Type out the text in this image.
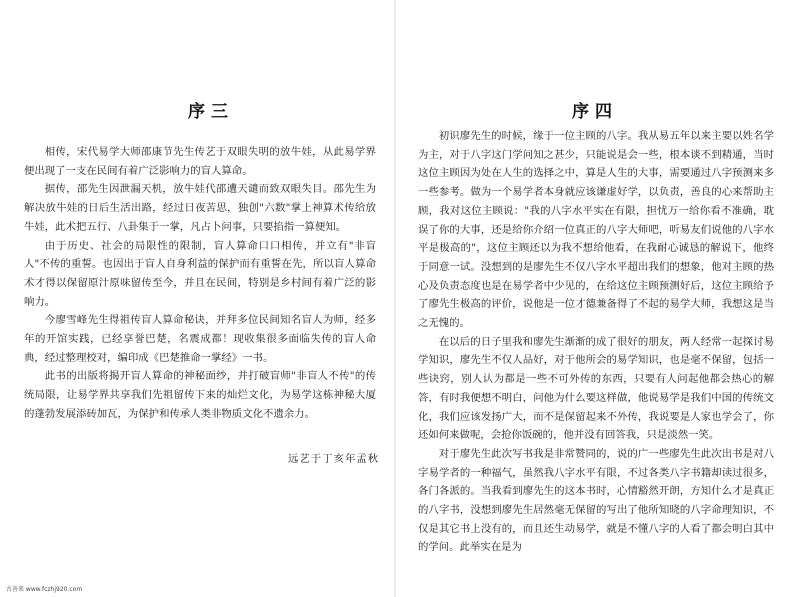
序三

相传，宋代易学大师邵康节先生传艺于双眼失明的放牛娃，从此易学界便出现了一支在民间有着广泛影响力的盲人算命。

据传，邵先生因泄漏天机，放牛娃代邵遭天谴而致双眼失目。邵先生为解决放牛娃的日后生活出路，经过日夜苦思，独创"六数"掌上神算术传给放牛娃，此术把五行、八卦集于一掌，凡占卜问事，只要掐指一算便知。

由于历史、社会的局限性的限制，盲人算命口口相传，并立有"非盲人"不传的重誓。也因出于盲人自身利益的保护而有重誓在先，所以盲人算命术才得以保留原汁原味留传至今，并且在民间，特别是乡村间有着广泛的影响力。

今廖雪峰先生得祖传盲人算命秘诀，并拜多位民间知名盲人为师，经多年的开馆实践，已经享誉巴楚，名震成都！现收集很多面临失传的盲人命典，经过整理校对，编印成《巴楚推命一掌经》一书。

此书的出版将揭开盲人算命的神秘面纱，并打破盲师"非盲人不传"的传统局限，让易学界共享我们先祖留传下来的灿烂文化，为易学这栋神秘大厦的蓬勃发展添砖加瓦，为保护和传承人类非物质文化不遗余力。

远艺于丁亥年孟秋
古善来 www.fczhj920.com
序四

初识廖先生的时候，缘于一位主顾的八字。我从易五年以来主要以姓名学为主，对于八字这门学问知之甚少，只能说是会一些，根本谈不到精通，当时这位主顾因为处在人生的选择之中，算是人生的大事，需要通过八字预测来多一些参考。做为一个易学者本身就应该谦虚好学，以负责，善良的心来帮助主顾，我对这位主顾说："我的八字水平实在有限，担忧万一给你看不准确，耽误了你的大事，还是给你介绍一位真正的八字大师吧，听易友们说他的八字水平是极高的"，这位主顾还以为我不想给他看，在我耐心诚恳的解说下，他终于同意一试。没想到的是廖先生不仅八字水平超出我们的想象，他对主顾的热心及负责态度也是在易学者中少见的，在给这位主顾预测好后，这位主顾给予了廖先生极高的评价，说他是一位才德兼备得了不起的易学大师，我想这是当之无愧的。

在以后的日子里我和廖先生渐渐的成了很好的朋友，两人经常一起探讨易学知识，廖先生不仅人品好，对于他所会的易学知识，也是毫不保留，包括一些诀窍，别人认为都是一些不可外传的东西，只要有人问起他都会热心的解答，有时我便想不明白，问他为什么要这样做，他说易学是我们中国的传统文化，我们应该发扬广大，而不是保留起来不外传，我说要是人家也学会了，你还如何来做呢，会抢你饭碗的，他并没有回答我，只是淡然一笑。

对于廖先生此次写书我是非常赞同的，说的广一些廖先生此次出书是对八字易学者的一种福气，虽然我八字水平有限，不过各类八字书籍却读过很多，各门各派的。当我看到廖先生的这本书时，心情豁然开朗，方知什么才是真正的八字书，没想到廖先生居然毫无保留的写出了他所知晓的八字命理知识，不仅是其它书上没有的，而且还生动易学，就是不懂八字的人看了都会明白其中的学问。此举实在是为
